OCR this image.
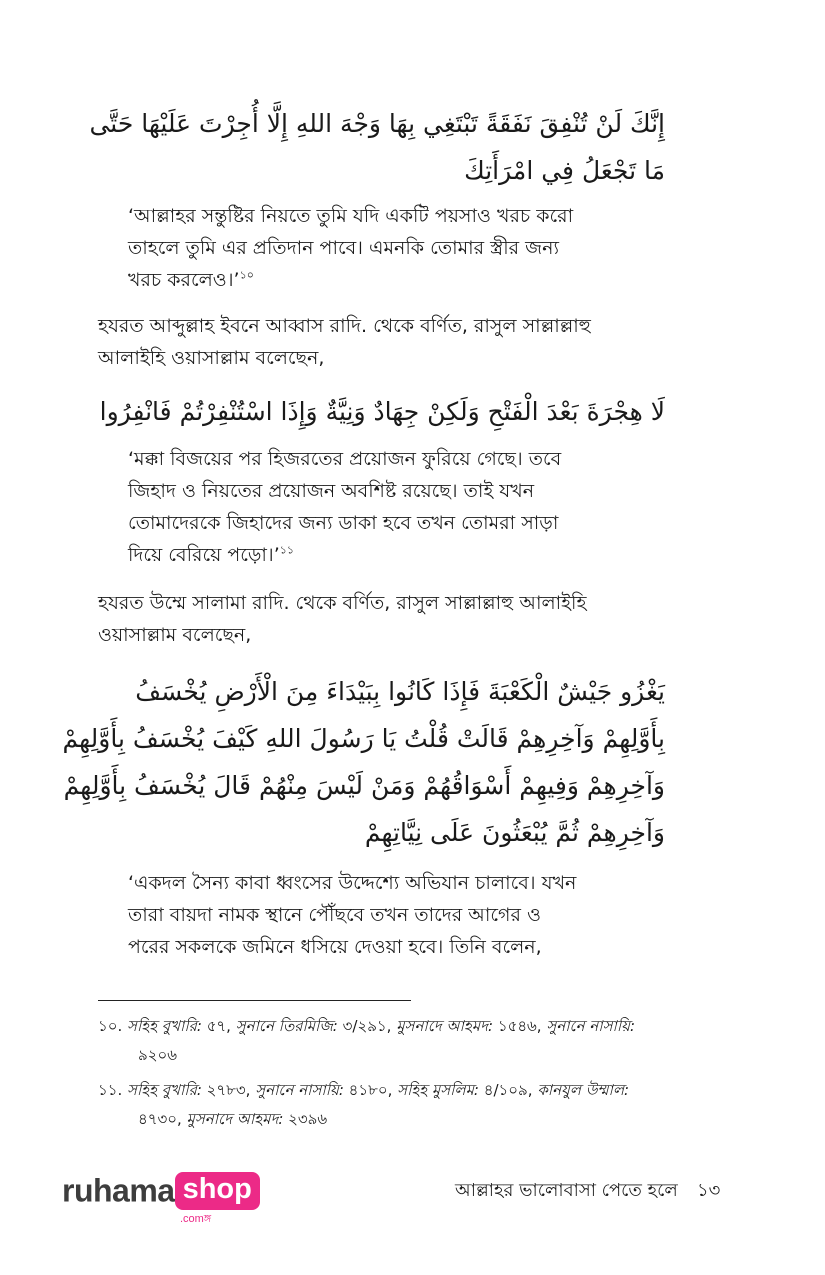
إِنَّكَ لَنْ تُنْفِقَ نَفَقَةً تَبْتَغِي بِهَا وَجْهَ اللهِ إِلَّا أُجِرْتَ عَلَيْهَا حَتَّى
مَا تَجْعَلُ فِي امْرَأَتِكَ
‘আল্লাহর সন্তুষ্টির নিয়তে তুমি যদি একটি পয়সাও খরচ করো
তাহলে তুমি এর প্রতিদান পাবে। এমনকি তোমার স্ত্রীর জন্য
খরচ করলেও।’$^{১০}$
হযরত আব্দুল্লাহ ইবনে আব্বাস রাদি. থেকে বর্ণিত, রাসুল সাল্লাল্লাহু
আলাইহি ওয়াসাল্লাম বলেছেন,
لَا هِجْرَةَ بَعْدَ الْفَتْحِ وَلَكِنْ جِهَادٌ وَنِيَّةٌ وَإِذَا اسْتُنْفِرْتُمْ فَانْفِرُوا
‘মক্কা বিজয়ের পর হিজরতের প্রয়োজন ফুরিয়ে গেছে। তবে
জিহাদ ও নিয়তের প্রয়োজন অবশিষ্ট রয়েছে। তাই যখন
তোমাদেরকে জিহাদের জন্য ডাকা হবে তখন তোমরা সাড়া
দিয়ে বেরিয়ে পড়ো।’$^{১১}$
হযরত উম্মে সালামা রাদি. থেকে বর্ণিত, রাসুল সাল্লাল্লাহু আলাইহি
ওয়াসাল্লাম বলেছেন,
يَغْزُو جَيْشٌ الْكَعْبَةَ فَإِذَا كَانُوا بِبَيْدَاءَ مِنَ الْأَرْضِ يُخْسَفُ
بِأَوَّلِهِمْ وَآخِرِهِمْ قَالَتْ قُلْتُ يَا رَسُولَ اللهِ كَيْفَ يُخْسَفُ بِأَوَّلِهِمْ
وَآخِرِهِمْ وَفِيهِمْ أَسْوَاقُهُمْ وَمَنْ لَيْسَ مِنْهُمْ قَالَ يُخْسَفُ بِأَوَّلِهِمْ
وَآخِرِهِمْ ثُمَّ يُبْعَثُونَ عَلَى نِيَّاتِهِمْ
‘একদল সৈন্য কাবা ধ্বংসের উদ্দেশ্যে অভিযান চালাবে। যখন
তারা বায়দা নামক স্থানে পৌঁছবে তখন তাদের আগের ও
পরের সকলকে জমিনে ধসিয়ে দেওয়া হবে। তিনি বলেন,
১০. সহিহ বুখারি: ৫৭, সুনানে তিরমিজি: ৩/২৯১, মুসনাদে আহমদ: ১৫৪৬, সুনানে নাসায়ি:
৯২০৬
১১. সহিহ বুখারি: ২৭৮৩, সুনানে নাসায়ি: ৪১৮০, সহিহ মুসলিম: ৪/১০৯, কানযুল উম্মাল:
৪৭৩০, মুসনাদে আহমদ: ২৩৯৬
ruhama shop
.comঙ্গ
আল্লাহর ভালোবাসা পেতে হলে ১৩
